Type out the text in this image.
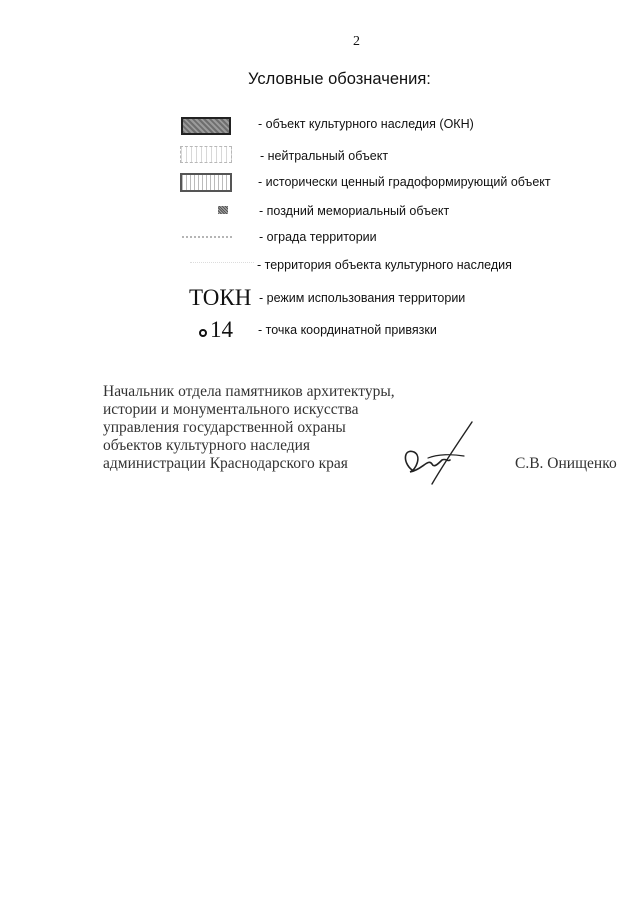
2
Условные обозначения:
- объект культурного наследия (ОКН)
- нейтральный объект
- исторически ценный градоформирующий объект
- поздний мемориальный объект
- ограда территории
- территория объекта культурного наследия
ТОКН - режим использования территории
14 - точка координатной привязки
Начальник отдела памятников архитектуры,
истории и монументального искусства
управления государственной охраны
объектов культурного наследия
администрации Краснодарского края	С.В. Онищенко
